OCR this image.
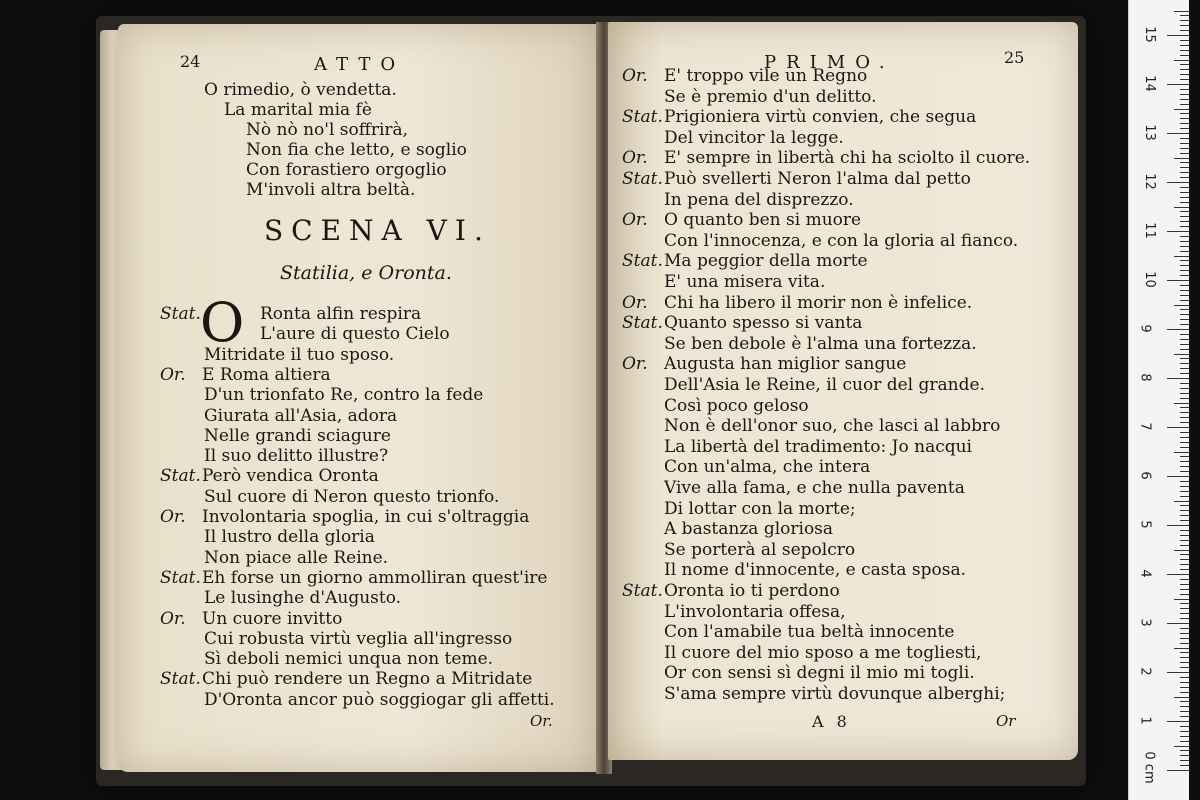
24	ATTO
O rimedio, ò vendetta.
La marital mia fè
Nò nò no'l soffrirà,
Non fia che letto, e soglio
Con forastiero orgoglio
M'involi altra beltà.
SCENA VI.
Statilia, e Oronta.
O
Stat.	Ronta alfin respira
L'aure di questo Cielo
Mitridate il tuo sposo.
Or. E Roma altiera
D'un trionfato Re, contro la fede
Giurata all'Asia, adora
Nelle grandi sciagure
Il suo delitto illustre?
Stat. Però vendica Oronta
Sul cuore di Neron questo trionfo.
Or. Involontaria spoglia, in cui s'oltraggia
Il lustro della gloria
Non piace alle Reine.
Stat. Eh forse un giorno ammolliran quest'ire
Le lusinghe d'Augusto.
Or. Un cuore invitto
Cui robusta virtù veglia all'ingresso
Sì deboli nemici unqua non teme.
Stat. Chi può rendere un Regno a Mitridate
D'Oronta ancor può soggiogar gli affetti.
Or.
PRIMO.	25
Or. E' troppo vile un Regno
Se è premio d'un delitto.
Stat. Prigioniera virtù convien, che segua
Del vincitor la legge.
Or. E' sempre in libertà chi ha sciolto il cuore.
Stat. Può svellerti Neron l'alma dal petto
In pena del disprezzo.
Or. O quanto ben si muore
Con l'innocenza, e con la gloria al fianco.
Stat. Ma peggior della morte
E' una misera vita.
Or. Chi ha libero il morir non è infelice.
Stat. Quanto spesso si vanta
Se ben debole è l'alma una fortezza.
Or. Augusta han miglior sangue
Dell'Asia le Reine, il cuor del grande.
Così poco geloso
Non è dell'onor suo, che lasci al labbro
La libertà del tradimento: Jo nacqui
Con un'alma, che intera
Vive alla fama, e che nulla paventa
Di lottar con la morte;
A bastanza gloriosa
Se porterà al sepolcro
Il nome d'innocente, e casta sposa.
Stat. Oronta io ti perdono
L'involontaria offesa,
Con l'amabile tua beltà innocente
Il cuore del mio sposo a me togliesti,
Or con sensi sì degni il mio mi togli.
S'ama sempre virtù dovunque alberghi;
A 8	Or
15
14
13
12
11
10
9
8
7
6
5
4
3
2
1
0 cm
